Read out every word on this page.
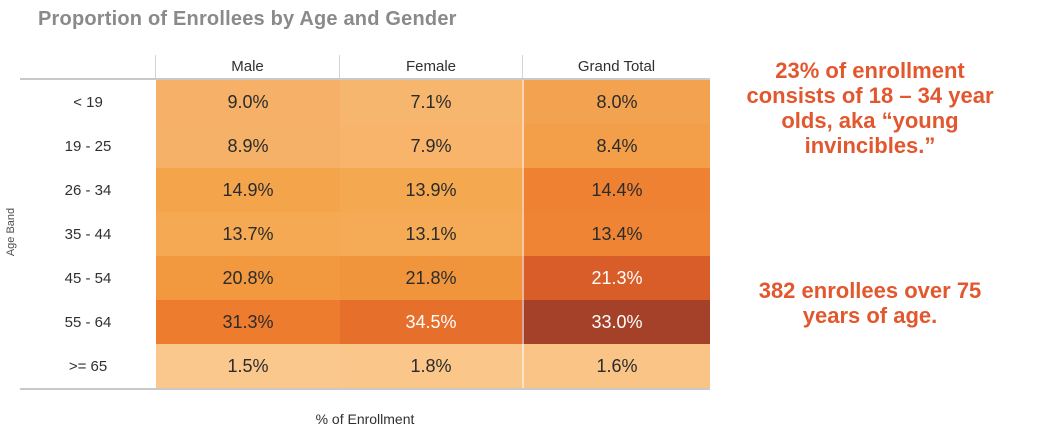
Proportion of Enrollees by Age and Gender
Age Band
Male	Female	Grand Total
< 19	9.0%	7.1%	8.0%
19 - 25	8.9%	7.9%	8.4%
26 - 34	14.9%	13.9%	14.4%
35 - 44	13.7%	13.1%	13.4%
45 - 54	20.8%	21.8%	21.3%
55 - 64	31.3%	34.5%	33.0%
>= 65	1.5%	1.8%	1.6%
% of Enrollment
23% of enrollment
consists of 18 – 34 year
olds, aka “young
invincibles.”
382 enrollees over 75
years of age.
